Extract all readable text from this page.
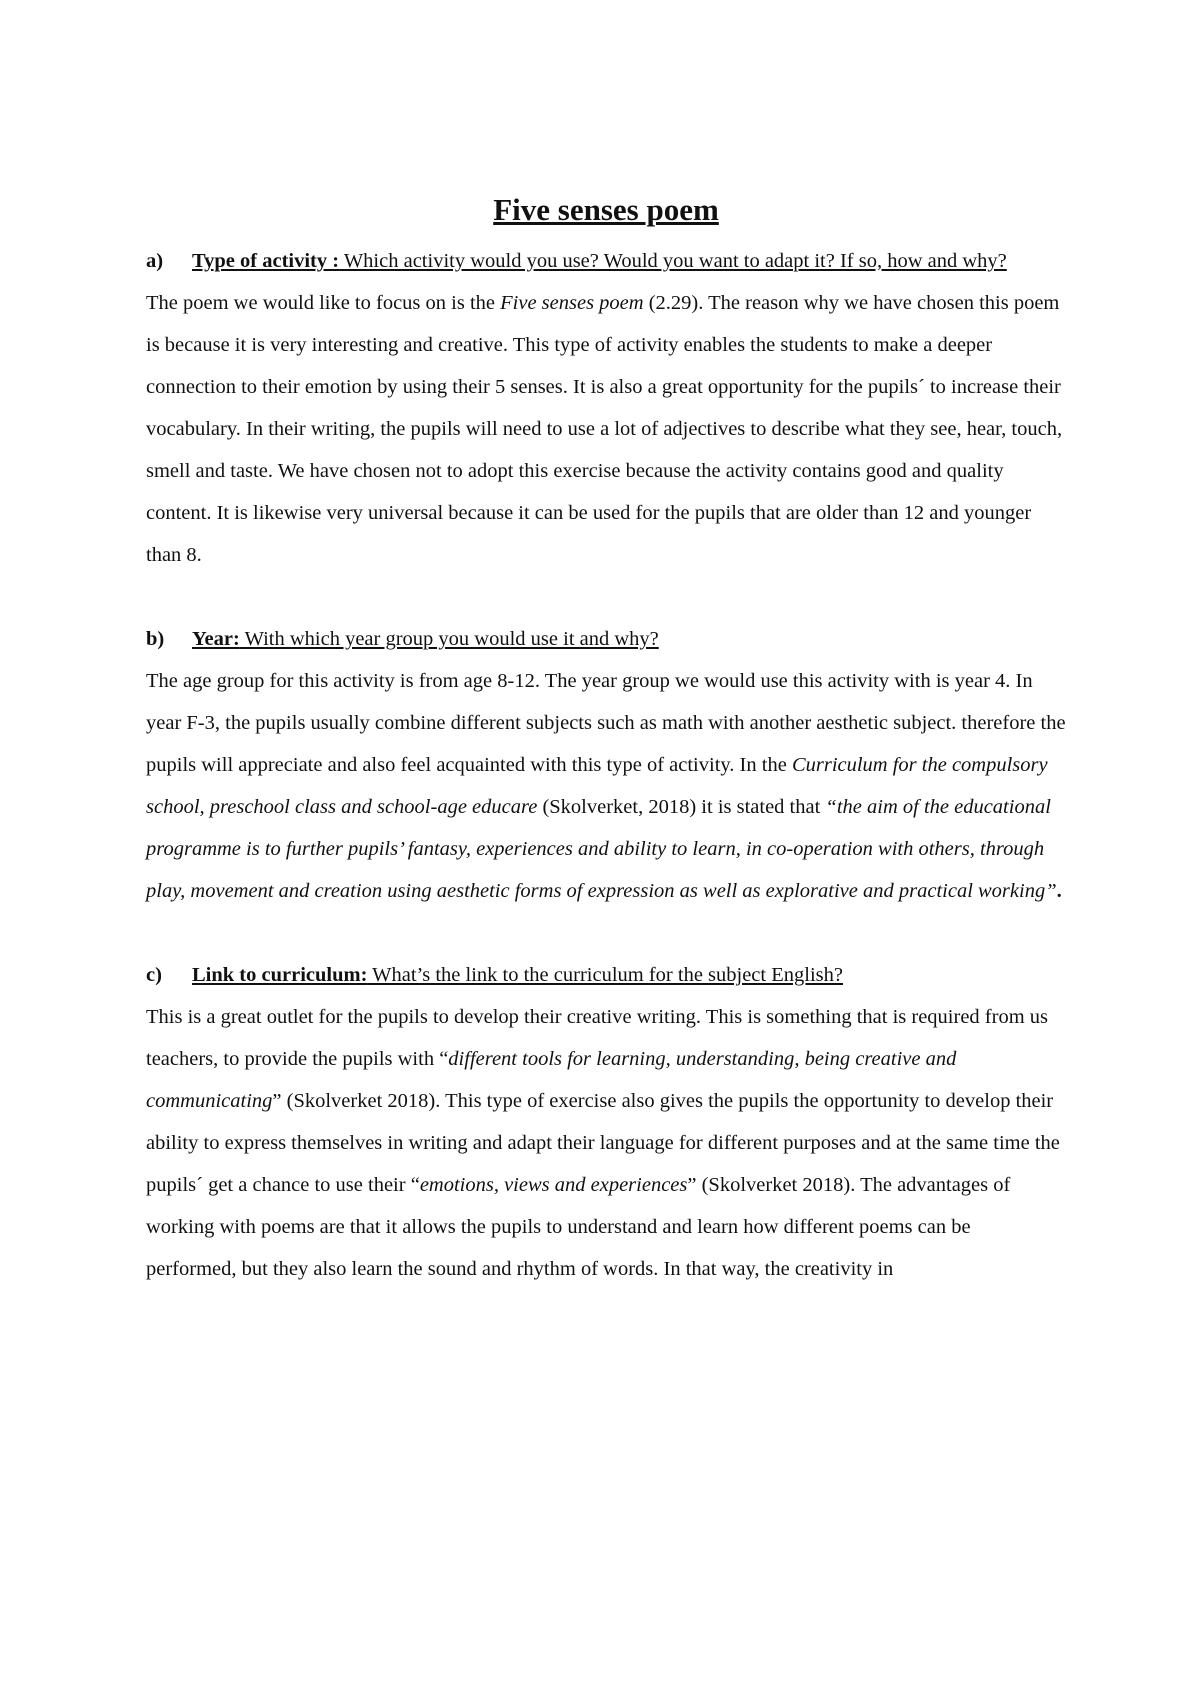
Five senses poem

a) Type of activity : Which activity would you use? Would you want to adapt it? If so, how and why?

The poem we would like to focus on is the Five senses poem (2.29). The reason why we have chosen this poem is because it is very interesting and creative. This type of activity enables the students to make a deeper connection to their emotion by using their 5 senses. It is also a great opportunity for the pupils´ to increase their vocabulary. In their writing, the pupils will need to use a lot of adjectives to describe what they see, hear, touch, smell and taste. We have chosen not to adopt this exercise because the activity contains good and quality content. It is likewise very universal because it can be used for the pupils that are older than 12 and younger than 8.

b) Year: With which year group you would use it and why?

The age group for this activity is from age 8-12. The year group we would use this activity with is year 4. In year F-3, the pupils usually combine different subjects such as math with another aesthetic subject. therefore the pupils will appreciate and also feel acquainted with this type of activity. In the Curriculum for the compulsory school, preschool class and school-age educare (Skolverket, 2018) it is stated that “the aim of the educational programme is to further pupils’ fantasy, experiences and ability to learn, in co-operation with others, through play, movement and creation using aesthetic forms of expression as well as explorative and practical working”.

c) Link to curriculum: What’s the link to the curriculum for the subject English?

This is a great outlet for the pupils to develop their creative writing. This is something that is required from us teachers, to provide the pupils with “different tools for learning, understanding, being creative and communicating” (Skolverket 2018). This type of exercise also gives the pupils the opportunity to develop their ability to express themselves in writing and adapt their language for different purposes and at the same time the pupils´ get a chance to use their “emotions, views and experiences” (Skolverket 2018). The advantages of working with poems are that it allows the pupils to understand and learn how different poems can be performed, but they also learn the sound and rhythm of words. In that way, the creativity in
